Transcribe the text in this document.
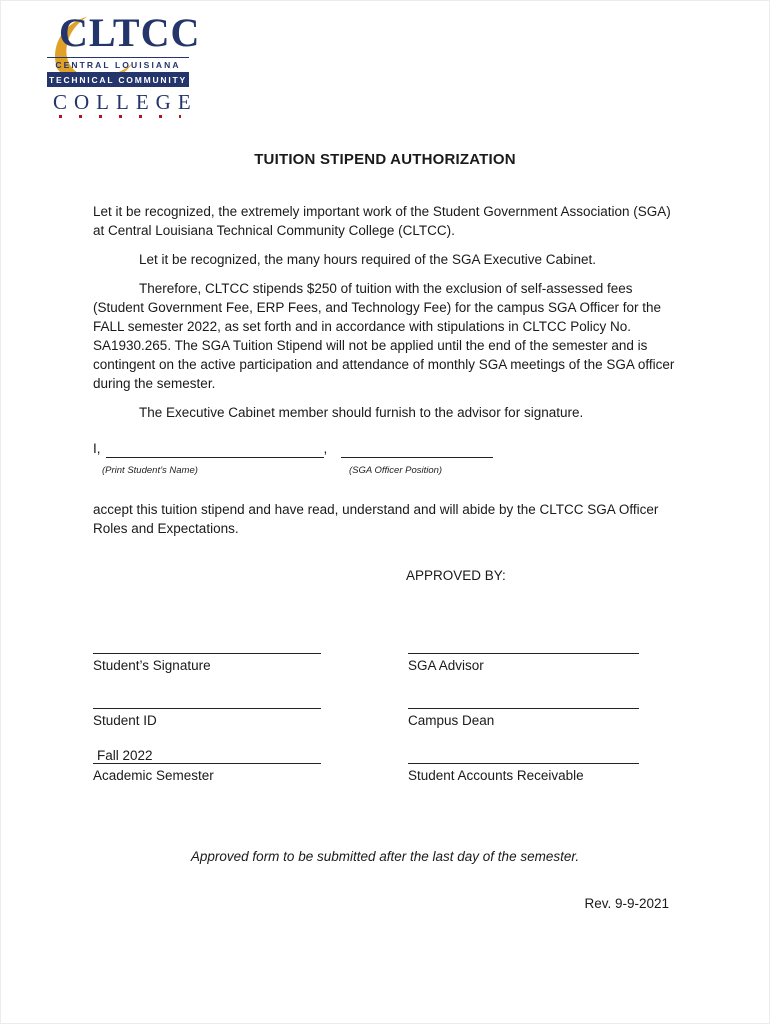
CLTCC
CENTRAL LOUISIANA
TECHNICAL COMMUNITY
COLLEGE
TUITION STIPEND AUTHORIZATION

Let it be recognized, the extremely important work of the Student Government Association (SGA) at Central Louisiana Technical Community College (CLTCC).

Let it be recognized, the many hours required of the SGA Executive Cabinet.

Therefore, CLTCC stipends $250 of tuition with the exclusion of self-assessed fees (Student Government Fee, ERP Fees, and Technology Fee) for the campus SGA Officer for the FALL semester 2022, as set forth and in accordance with stipulations in CLTCC Policy No. SA1930.265. The SGA Tuition Stipend will not be applied until the end of the semester and is contingent on the active participation and attendance of monthly SGA meetings of the SGA officer during the semester.

The Executive Cabinet member should furnish to the advisor for signature.

I,	,
(Print Student’s Name)	(SGA Officer Position)

accept this tuition stipend and have read, understand and will abide by the CLTCC SGA Officer Roles and Expectations.

APPROVED BY:
Student’s Signature	SGA Advisor
Student ID	Campus Dean
Fall 2022
Academic Semester	Student Accounts Receivable

Approved form to be submitted after the last day of the semester.

Rev. 9-9-2021
